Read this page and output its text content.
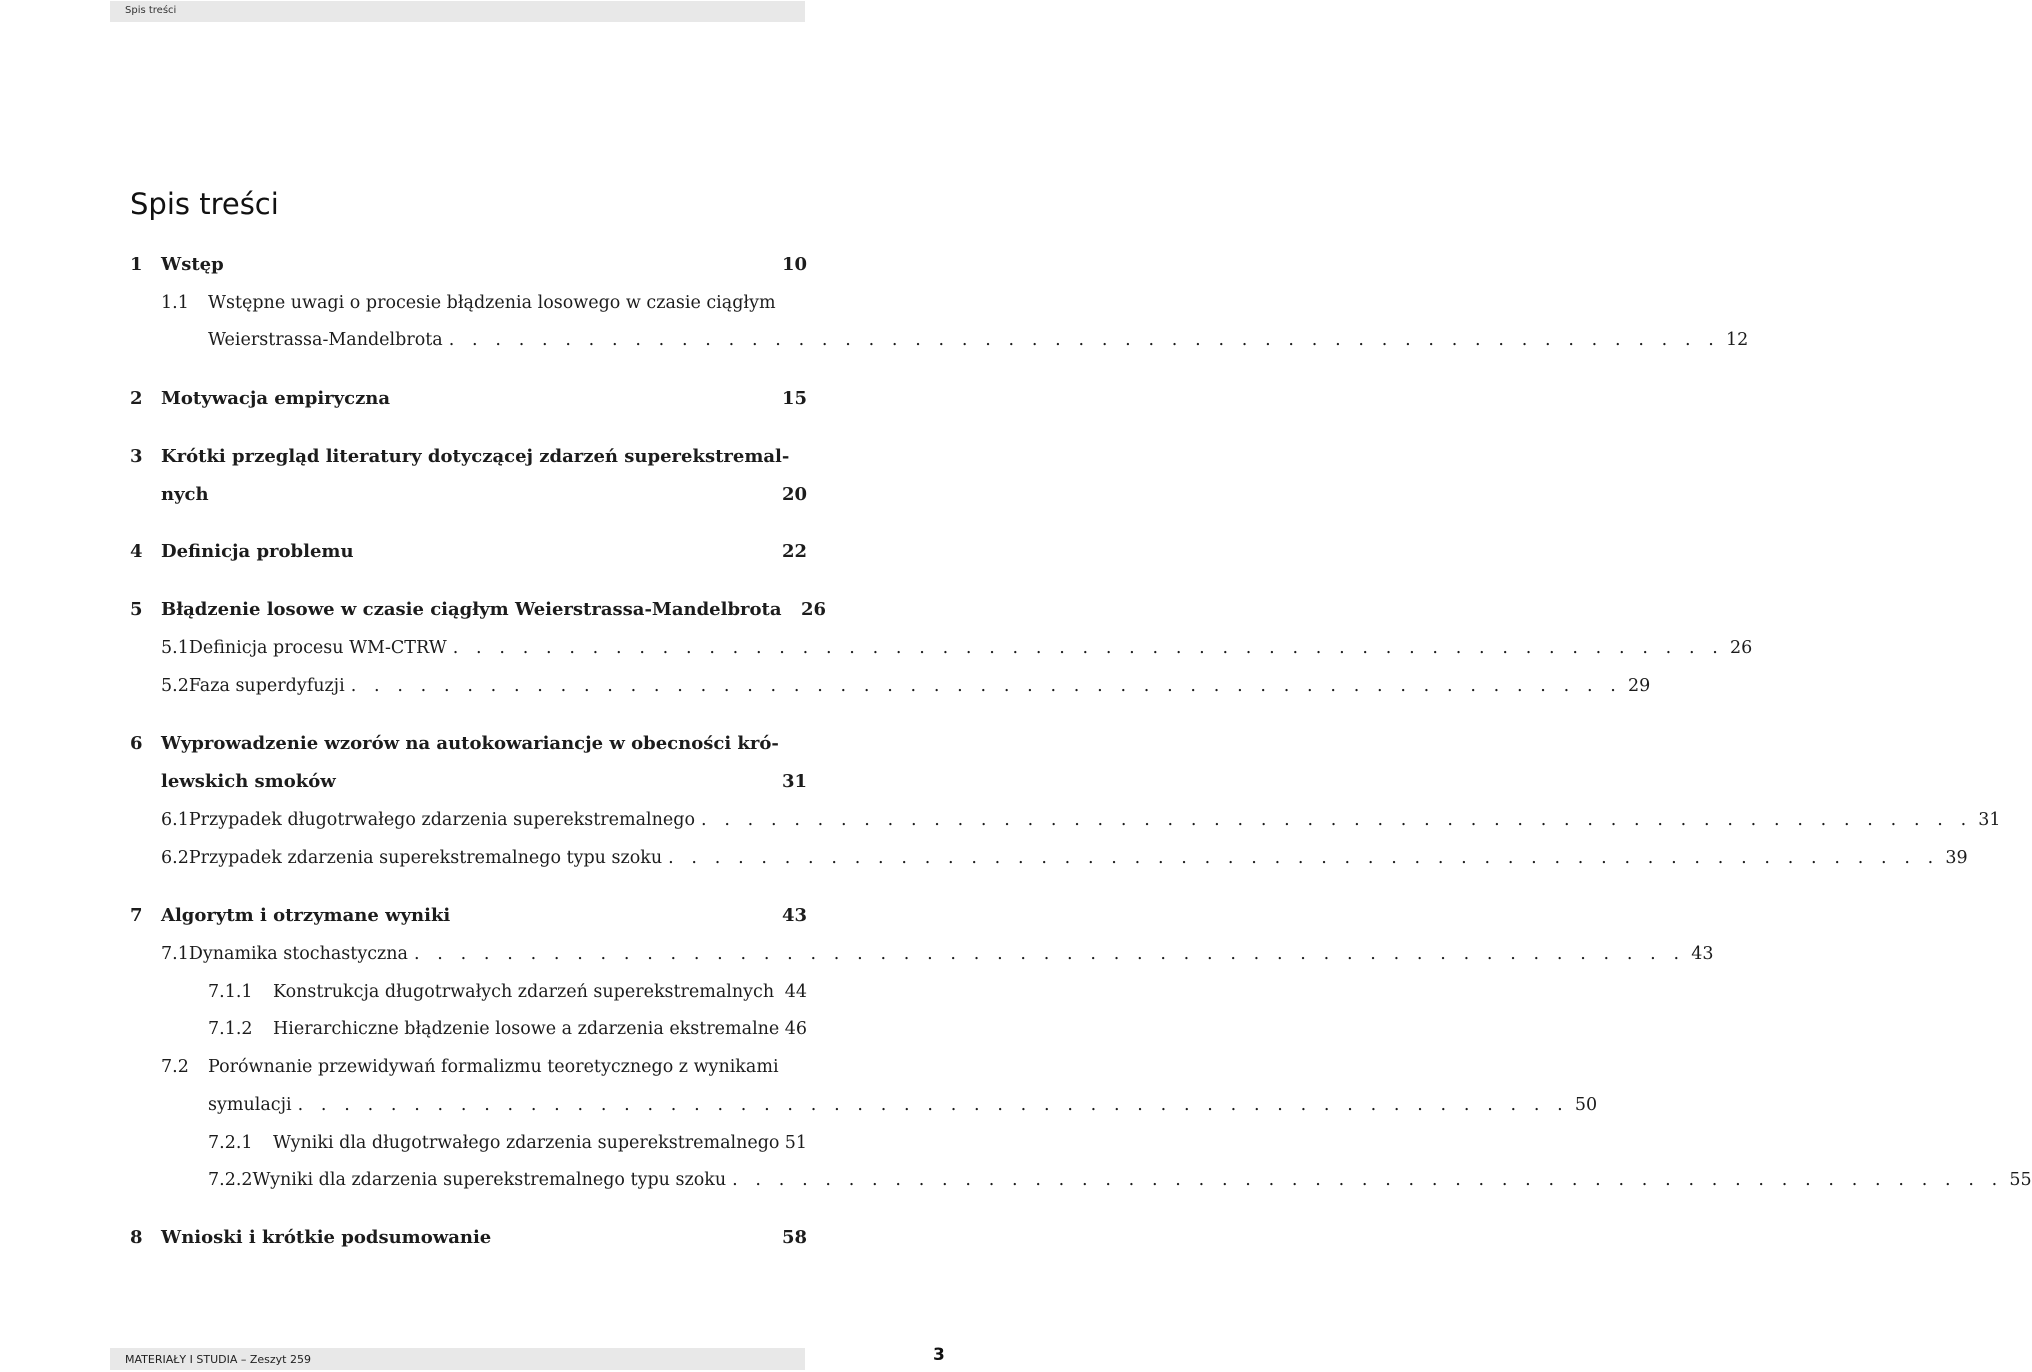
Spis treści
Spis treści
1	Wstęp	10
1.1	Wstępne uwagi o procesie błądzenia losowego w czasie ciągłym
Weierstrassa-Mandelbrota . . . . . . . . . . . . . . . . . . . . . . . . . . . . . . . . . . . . . . . . . . . . . . . . . . . . . . . 12
2	Motywacja empiryczna	15
3	Krótki przegląd literatury dotyczącej zdarzeń superekstremal-
nych	20
4	Definicja problemu	22
5	Błądzenie losowe w czasie ciągłym Weierstrassa-Mandelbrota 26
5.1 Definicja procesu WM-CTRW . . . . . . . . . . . . . . . . . . . . . . . . . . . . . . . . . . . . . . . . . . . . . . . . . . . . . . . 26
5.2 Faza superdyfuzji . . . . . . . . . . . . . . . . . . . . . . . . . . . . . . . . . . . . . . . . . . . . . . . . . . . . . . . 29
6	Wyprowadzenie wzorów na autokowariancje w obecności kró-
lewskich smoków	31
6.1 Przypadek długotrwałego zdarzenia superekstremalnego . . . . . . . . . . . . . . . . . . . . . . . . . . . . . . . . . . . . . . . . . . . . . . . . . . . . . . . 31
6.2 Przypadek zdarzenia superekstremalnego typu szoku . . . . . . . . . . . . . . . . . . . . . . . . . . . . . . . . . . . . . . . . . . . . . . . . . . . . . . . 39
7	Algorytm i otrzymane wyniki	43
7.1 Dynamika stochastyczna . . . . . . . . . . . . . . . . . . . . . . . . . . . . . . . . . . . . . . . . . . . . . . . . . . . . . . . 43
7.1.1	Konstrukcja długotrwałych zdarzeń superekstremalnych 44
7.1.2	Hierarchiczne błądzenie losowe a zdarzenia ekstremalne 46
7.2	Porównanie przewidywań formalizmu teoretycznego z wynikami
symulacji . . . . . . . . . . . . . . . . . . . . . . . . . . . . . . . . . . . . . . . . . . . . . . . . . . . . . . . 50
7.2.1	Wyniki dla długotrwałego zdarzenia superekstremalnego 51
7.2.2 Wyniki dla zdarzenia superekstremalnego typu szoku . . . . . . . . . . . . . . . . . . . . . . . . . . . . . . . . . . . . . . . . . . . . . . . . . . . . . . . 55
8	Wnioski i krótkie podsumowanie	58
MATERIAŁY I STUDIA – Zeszyt 259	3
